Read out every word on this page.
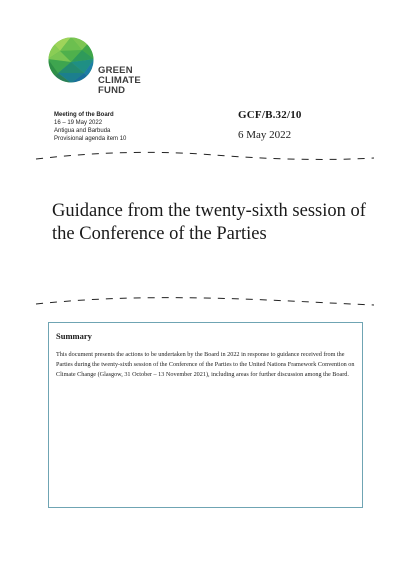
GREEN
CLIMATE
FUND
Meeting of the Board
16 – 19 May 2022
Antigua and Barbuda
Provisional agenda item 10
GCF/B.32/10
6 May 2022
Guidance from the twenty-sixth session of the Conference of the Parties
Summary
This document presents the actions to be undertaken by the Board in 2022 in response to guidance received from the Parties during the twenty-sixth session of the Conference of the Parties to the United Nations Framework Convention on Climate Change (Glasgow, 31 October – 13 November 2021), including areas for further discussion among the Board.
